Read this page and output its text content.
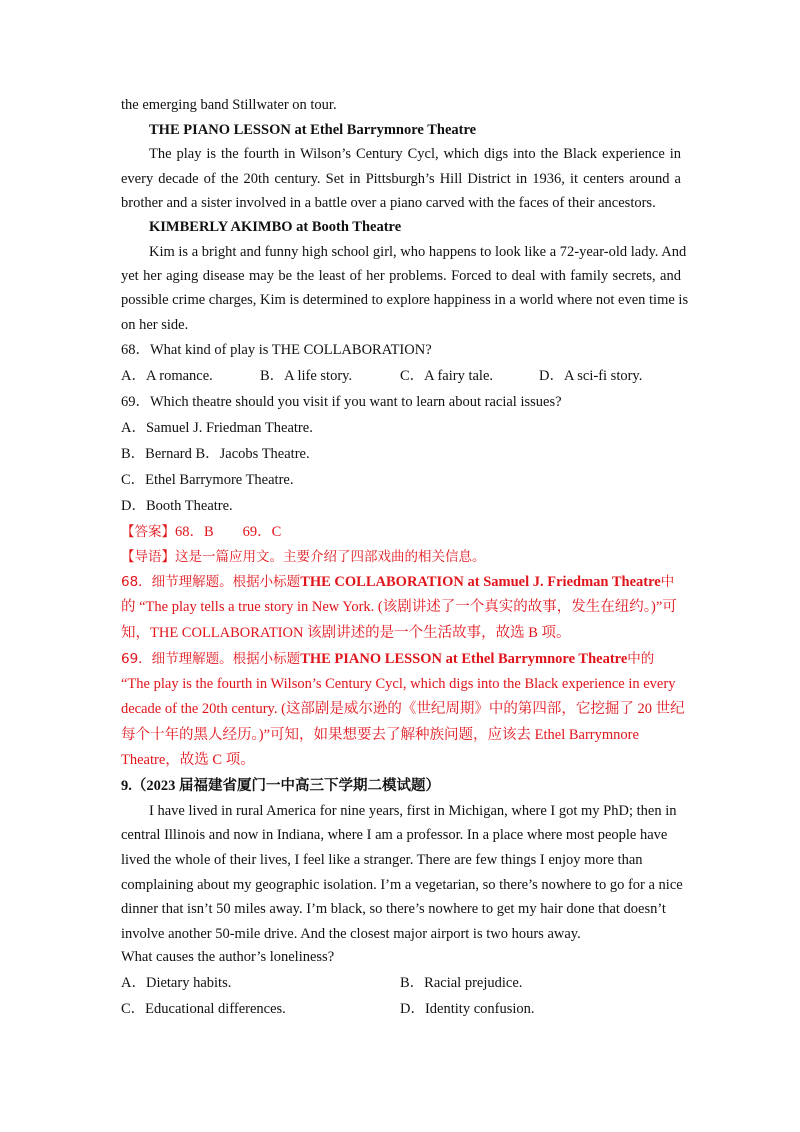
the emerging band Stillwater on tour.
THE PIANO LESSON at Ethel Barrymnore Theatre
The play is the fourth in Wilson’s Century Cycl, which digs into the Black experience in
every decade of the 20th century. Set in Pittsburgh’s Hill District in 1936, it centers around a
brother and a sister involved in a battle over a piano carved with the faces of their ancestors.
KIMBERLY AKIMBO at Booth Theatre
Kim is a bright and funny high school girl, who happens to look like a 72-year-old lady. And
yet her aging disease may be the least of her problems. Forced to deal with family secrets, and
possible crime charges, Kim is determined to explore happiness in a world where not even time is
on her side.
68．What kind of play is THE COLLABORATION?
A．A romance.	B．A life story.	C．A fairy tale.	D．A sci-fi story.
69．Which theatre should you visit if you want to learn about racial issues?
A．Samuel J. Friedman Theatre.
B．Bernard B．Jacobs Theatre.
C．Ethel Barrymore Theatre.
D．Booth Theatre.
【答案】68．B　　69．C
【导语】这是一篇应用文。主要介绍了四部戏曲的相关信息。
68．细节理解题。根据小标题THE COLLABORATION at Samuel J. Friedman Theatre中
的 “The play tells a true story in New York. (该剧讲述了一个真实的故事，发生在纽约。)”可
知，THE COLLABORATION 该剧讲述的是一个生活故事，故选 B 项。
69．细节理解题。根据小标题THE PIANO LESSON at Ethel Barrymnore Theatre中的
“The play is the fourth in Wilson’s Century Cycl, which digs into the Black experience in every
decade of the 20th century. (这部剧是威尔逊的《世纪周期》中的第四部，它挖掘了 20 世纪
每个十年的黑人经历。)”可知，如果想要去了解种族问题，应该去 Ethel Barrymnore
Theatre，故选 C 项。
9.（2023 届福建省厦门一中高三下学期二模试题）
I have lived in rural America for nine years, first in Michigan, where I got my PhD; then in
central Illinois and now in Indiana, where I am a professor. In a place where most people have
lived the whole of their lives, I feel like a stranger. There are few things I enjoy more than
complaining about my geographic isolation. I’m a vegetarian, so there’s nowhere to go for a nice
dinner that isn’t 50 miles away. I’m black, so there’s nowhere to get my hair done that doesn’t
involve another 50-mile drive. And the closest major airport is two hours away.
What causes the author’s loneliness?
A．Dietary habits.	B．Racial prejudice.
C．Educational differences.	D．Identity confusion.
